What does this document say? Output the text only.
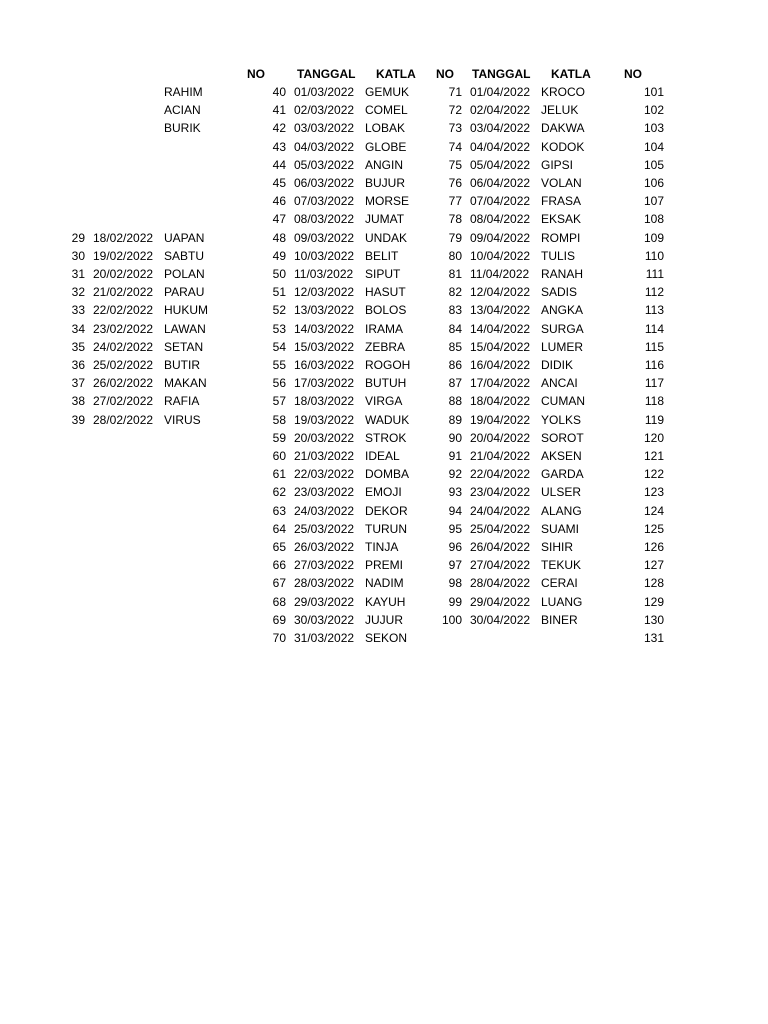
NO	TANGGAL KATLA NO TANGGAL KATLA	NO
RAHIM
ACIAN
BURIK
29 18/02/2022 UAPAN
30 19/02/2022 SABTU
31 20/02/2022 POLAN
32 21/02/2022 PARAU
33 22/02/2022 HUKUM
34 23/02/2022 LAWAN
35 24/02/2022 SETAN
36 25/02/2022 BUTIR
37 26/02/2022 MAKAN
38 27/02/2022 RAFIA
39 28/02/2022 VIRUS
40 01/03/2022 GEMUK
41 02/03/2022 COMEL
42 03/03/2022 LOBAK
43 04/03/2022 GLOBE
44 05/03/2022 ANGIN
45 06/03/2022 BUJUR
46 07/03/2022 MORSE
47 08/03/2022 JUMAT
48 09/03/2022 UNDAK
49 10/03/2022 BELIT
50 11/03/2022 SIPUT
51 12/03/2022 HASUT
52 13/03/2022 BOLOS
53 14/03/2022 IRAMA
54 15/03/2022 ZEBRA
55 16/03/2022 ROGOH
56 17/03/2022 BUTUH
57 18/03/2022 VIRGA
58 19/03/2022 WADUK
59 20/03/2022 STROK
60 21/03/2022 IDEAL
61 22/03/2022 DOMBA
62 23/03/2022 EMOJI
63 24/03/2022 DEKOR
64 25/03/2022 TURUN
65 26/03/2022 TINJA
66 27/03/2022 PREMI
67 28/03/2022 NADIM
68 29/03/2022 KAYUH
69 30/03/2022 JUJUR
70 31/03/2022 SEKON
71 01/04/2022 KROCO
72 02/04/2022 JELUK
73 03/04/2022 DAKWA
74 04/04/2022 KODOK
75 05/04/2022 GIPSI
76 06/04/2022 VOLAN
77 07/04/2022 FRASA
78 08/04/2022 EKSAK
79 09/04/2022 ROMPI
80 10/04/2022 TULIS
81 11/04/2022 RANAH
82 12/04/2022 SADIS
83 13/04/2022 ANGKA
84 14/04/2022 SURGA
85 15/04/2022 LUMER
86 16/04/2022 DIDIK
87 17/04/2022 ANCAI
88 18/04/2022 CUMAN
89 19/04/2022 YOLKS
90 20/04/2022 SOROT
91 21/04/2022 AKSEN
92 22/04/2022 GARDA
93 23/04/2022 ULSER
94 24/04/2022 ALANG
95 25/04/2022 SUAMI
96 26/04/2022 SIHIR
97 27/04/2022 TEKUK
98 28/04/2022 CERAI
99 29/04/2022 LUANG
100 30/04/2022 BINER
101
102
103
104
105
106
107
108
109
110
111
112
113
114
115
116
117
118
119
120
121
122
123
124
125
126
127
128
129
130
131
